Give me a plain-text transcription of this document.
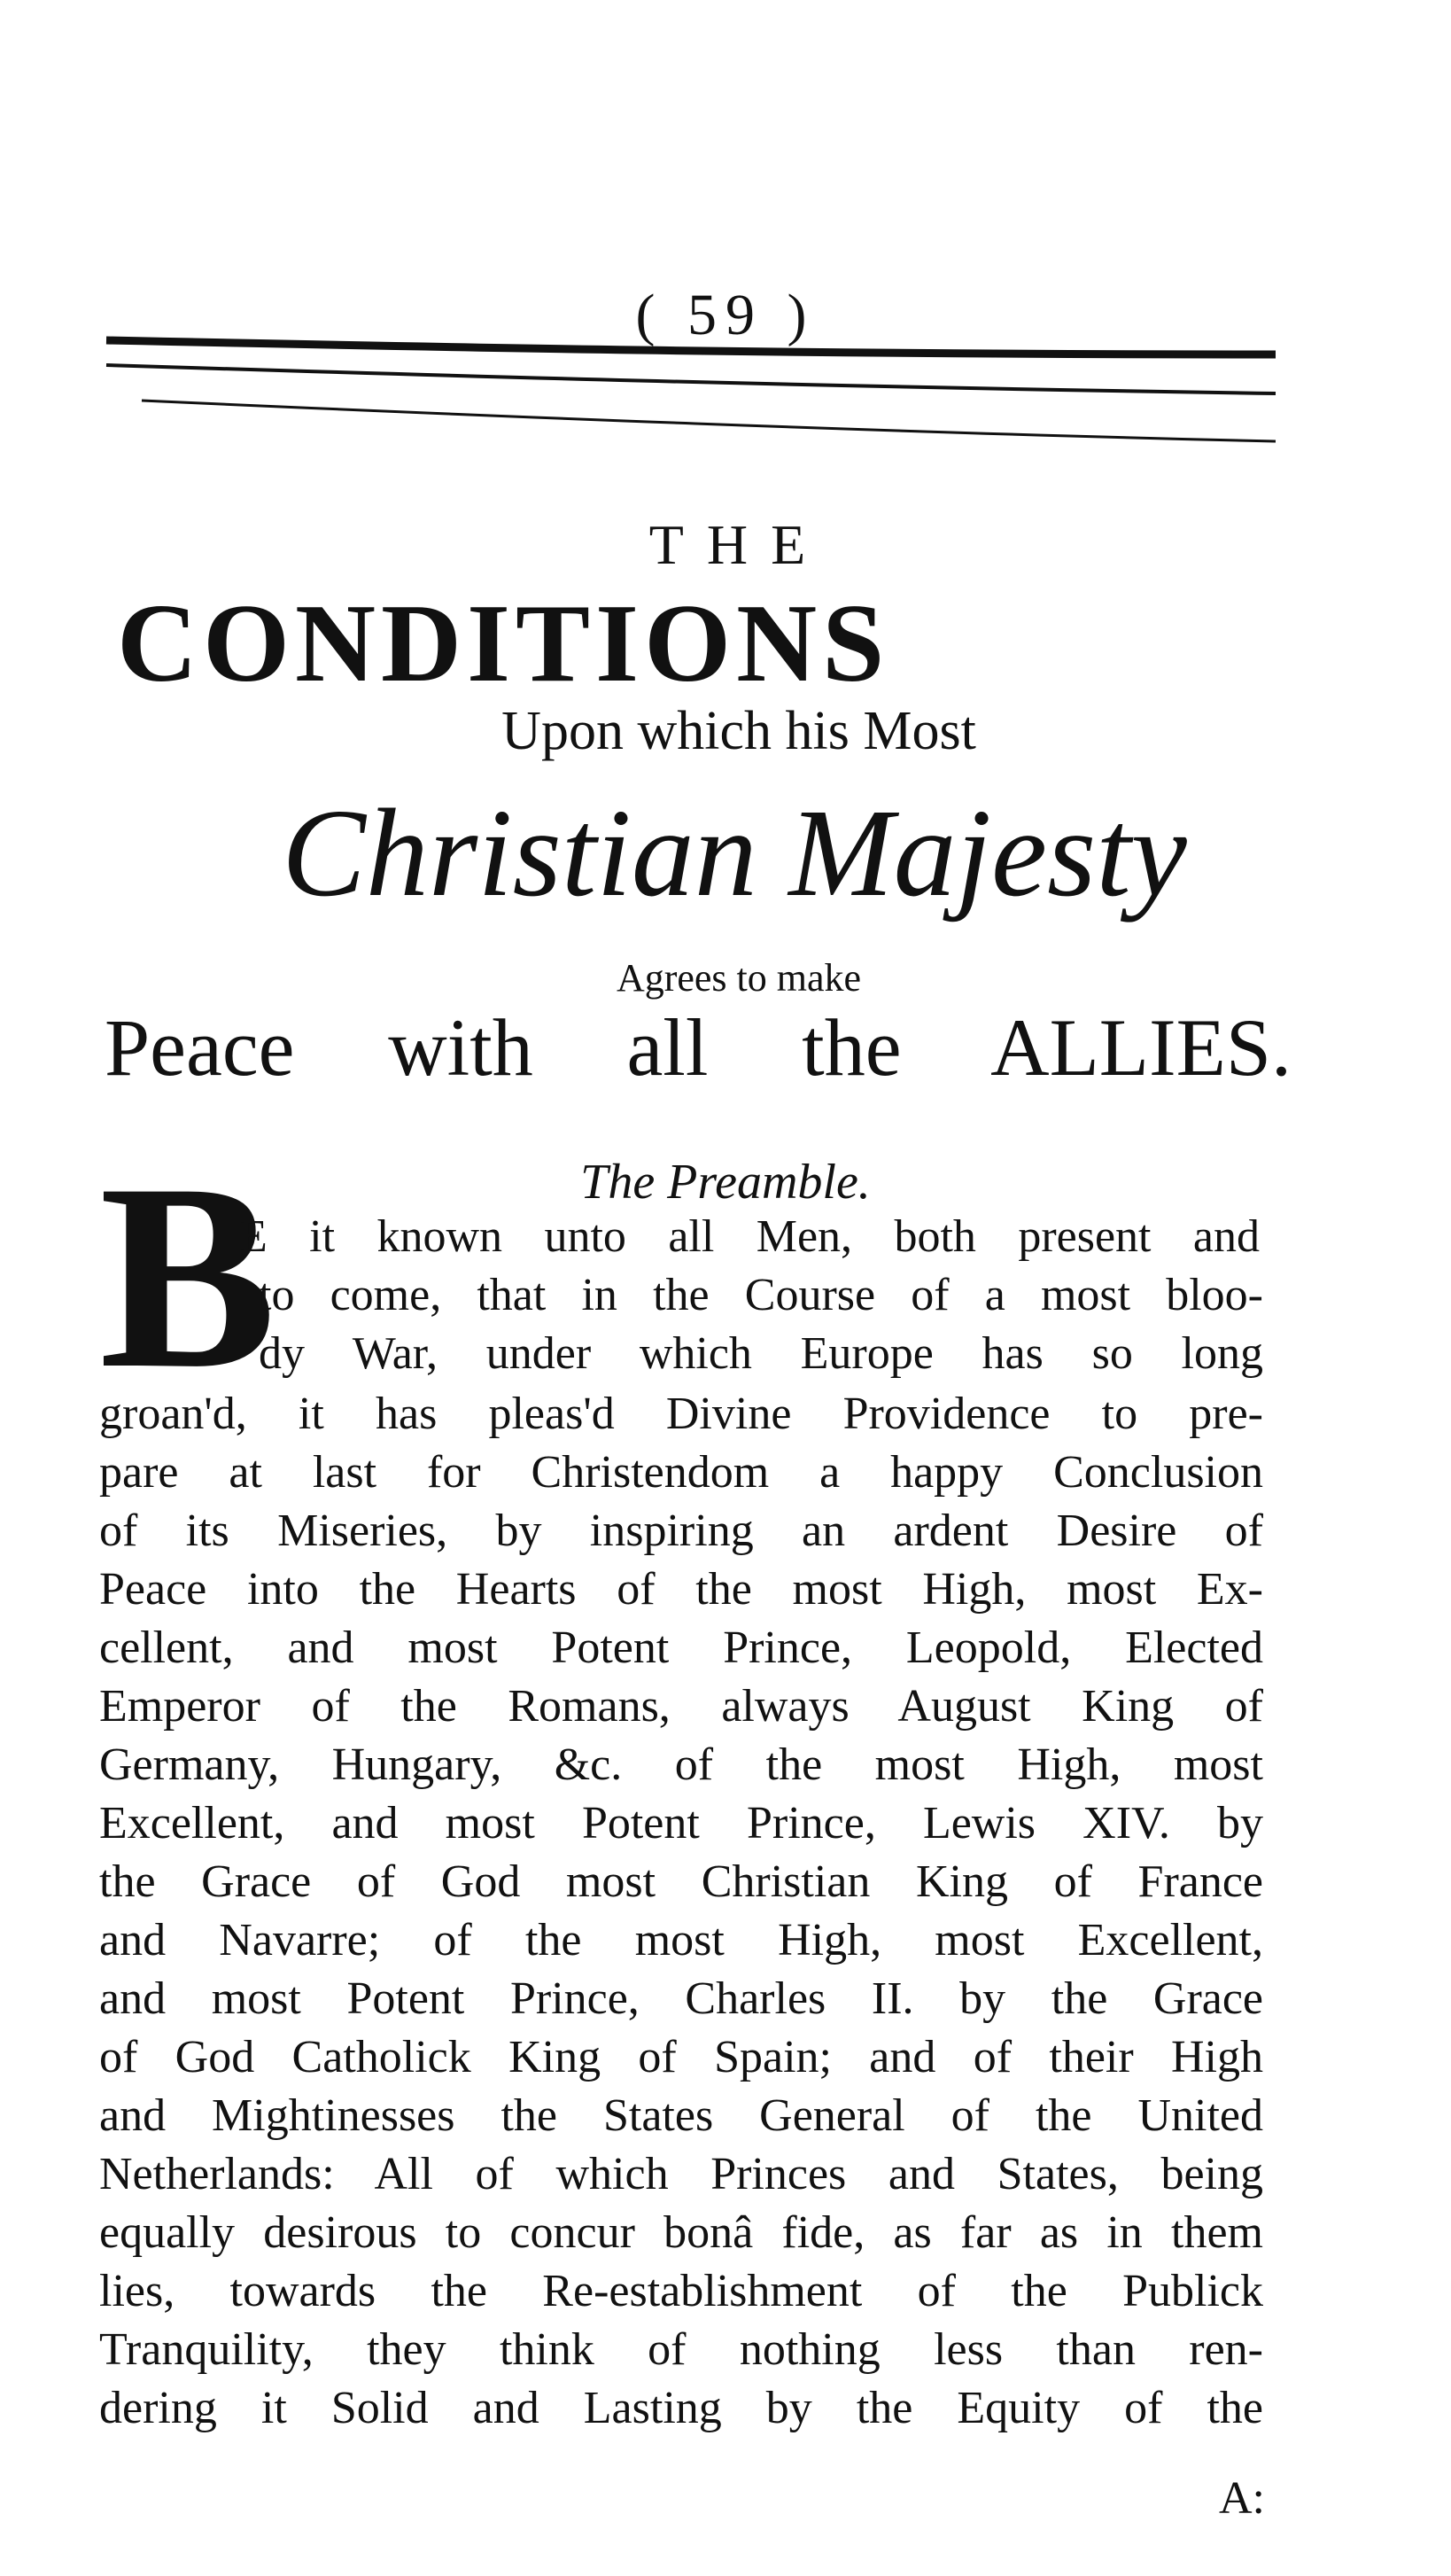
( 59 )
THE
CONDITIONS
Upon which his Most
Christian Majesty
Agrees to make
Peace with all the ALLIES.
The Preamble.
B
E it known unto all Men, both present and
to come, that in the Course of a most bloo-
dy War, under which Europe has so long
groan'd, it has pleas'd Divine Providence to pre-
pare at last for Christendom a happy Conclusion
of its Miseries, by inspiring an ardent Desire of
Peace into the Hearts of the most High, most Ex-
cellent, and most Potent Prince, Leopold, Elected
Emperor of the Romans, always August King of
Germany, Hungary, &c. of the most High, most
Excellent, and most Potent Prince, Lewis XIV. by
the Grace of God most Christian King of France
and Navarre; of the most High, most Excellent,
and most Potent Prince, Charles II. by the Grace
of God Catholick King of Spain; and of their High
and Mightinesses the States General of the United
Netherlands: All of which Princes and States, being
equally desirous to concur bonâ fide, as far as in them
lies, towards the Re-establishment of the Publick
Tranquility, they think of nothing less than ren-
dering it Solid and Lasting by the Equity of the
A:
